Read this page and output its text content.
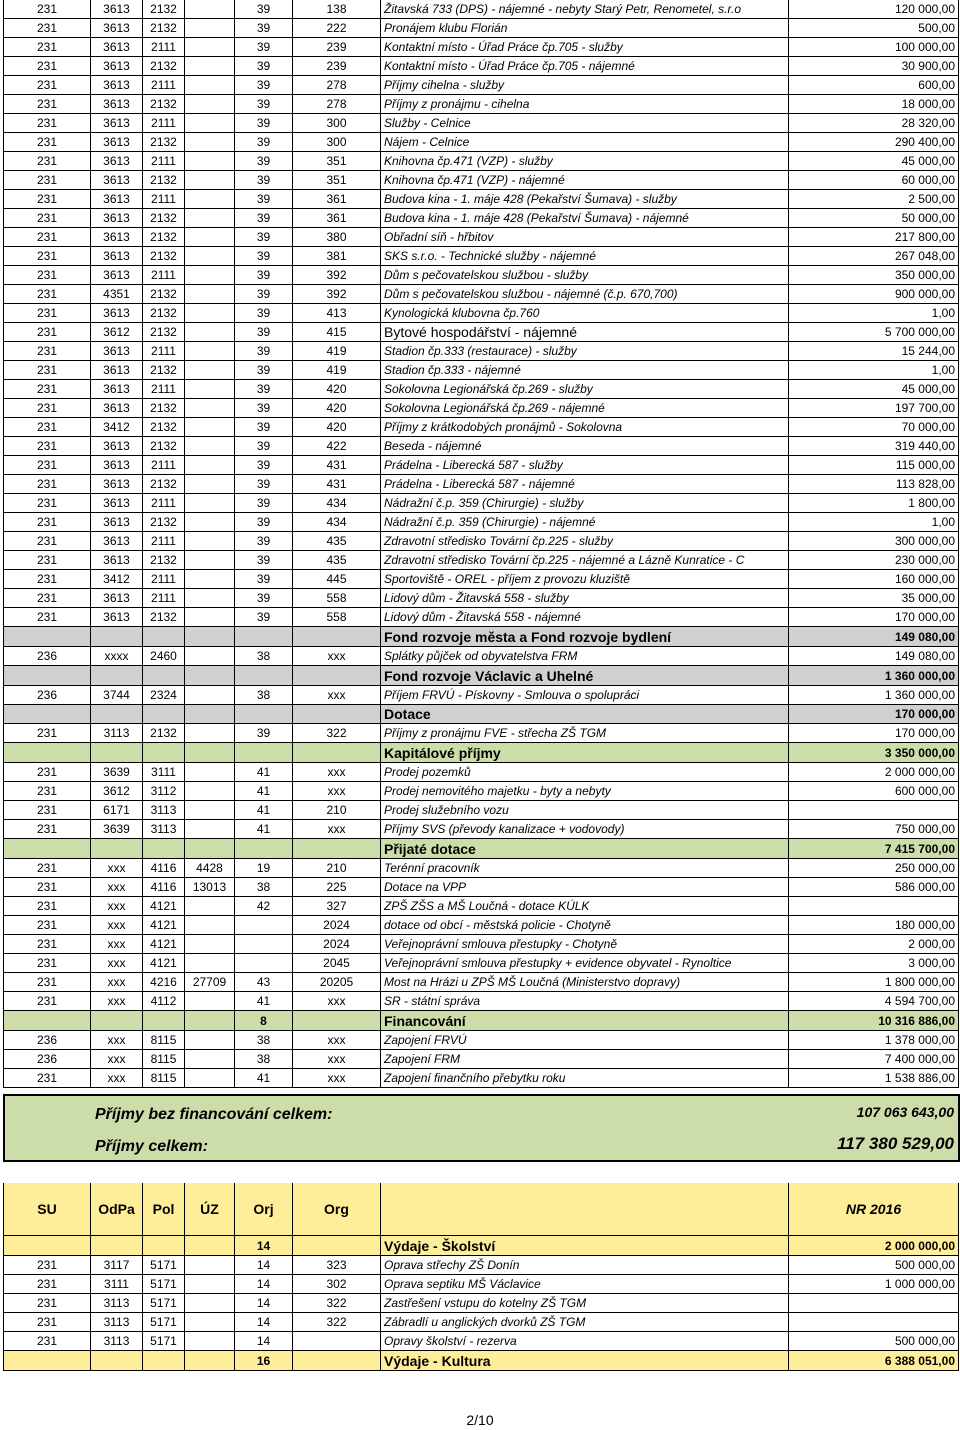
231	3613	2132		39	138	Žitavská 733 (DPS) - nájemné - nebyty Starý Petr, Renometel, s.r.o	120 000,00
231	3613	2132		39	222	Pronájem klubu Florián	500,00
231	3613	2111		39	239	Kontaktní místo - Úřad Práce čp.705 - služby	100 000,00
231	3613	2132		39	239	Kontaktní místo - Úřad Práce čp.705 - nájemné	30 900,00
231	3613	2111		39	278	Příjmy cihelna - služby	600,00
231	3613	2132		39	278	Příjmy z pronájmu - cihelna	18 000,00
231	3613	2111		39	300	Služby - Celnice	28 320,00
231	3613	2132		39	300	Nájem - Celnice	290 400,00
231	3613	2111		39	351	Knihovna čp.471 (VZP) - služby	45 000,00
231	3613	2132		39	351	Knihovna čp.471 (VZP) - nájemné	60 000,00
231	3613	2111		39	361	Budova kina - 1. máje 428 (Pekařství Šumava) - služby	2 500,00
231	3613	2132		39	361	Budova kina - 1. máje 428 (Pekařství Šumava) - nájemné	50 000,00
231	3613	2132		39	380	Obřadní síň - hřbitov	217 800,00
231	3613	2132		39	381	SKS s.r.o. - Technické služby - nájemné	267 048,00
231	3613	2111		39	392	Dům s pečovatelskou službou - služby	350 000,00
231	4351	2132		39	392	Dům s pečovatelskou službou - nájemné (č.p. 670,700)	900 000,00
231	3613	2132		39	413	Kynologická klubovna čp.760	1,00
231	3612	2132		39	415	Bytové hospodářství - nájemné	5 700 000,00
231	3613	2111		39	419	Stadion čp.333 (restaurace) - služby	15 244,00
231	3613	2132		39	419	Stadion čp.333 - nájemné	1,00
231	3613	2111		39	420	Sokolovna Legionářská čp.269 - služby	45 000,00
231	3613	2132		39	420	Sokolovna Legionářská čp.269 - nájemné	197 700,00
231	3412	2132		39	420	Příjmy z krátkodobých pronájmů - Sokolovna	70 000,00
231	3613	2132		39	422	Beseda - nájemné	319 440,00
231	3613	2111		39	431	Prádelna - Liberecká 587 - služby	115 000,00
231	3613	2132		39	431	Prádelna - Liberecká 587 - nájemné	113 828,00
231	3613	2111		39	434	Nádražní č.p. 359 (Chirurgie) - služby	1 800,00
231	3613	2132		39	434	Nádražní č.p. 359 (Chirurgie) - nájemné	1,00
231	3613	2111		39	435	Zdravotní středisko Tovární čp.225 - služby	300 000,00
231	3613	2132		39	435	Zdravotní středisko Tovární čp.225 - nájemné a Lázně Kunratice - C	230 000,00
231	3412	2111		39	445	Sportoviště - OREL - příjem z provozu kluziště	160 000,00
231	3613	2111		39	558	Lidový dům - Žitavská 558 - služby	35 000,00
231	3613	2132		39	558	Lidový dům - Žitavská 558 - nájemné	170 000,00
						Fond rozvoje města a Fond rozvoje bydlení	149 080,00
236	xxxx	2460		38	xxx	Splátky půjček od obyvatelstva FRM	149 080,00
						Fond rozvoje Václavic a Uhelné	1 360 000,00
236	3744	2324		38	xxx	Příjem FRVÚ - Pískovny - Smlouva o spolupráci	1 360 000,00
						Dotace	170 000,00
231	3113	2132		39	322	Příjmy z pronájmu FVE - střecha ZŠ TGM	170 000,00
						Kapitálové příjmy	3 350 000,00
231	3639	3111		41	xxx	Prodej pozemků	2 000 000,00
231	3612	3112		41	xxx	Prodej nemovitého majetku - byty a nebyty	600 000,00
231	6171	3113		41	210	Prodej služebního vozu	
231	3639	3113		41	xxx	Příjmy SVS (převody kanalizace + vodovody)	750 000,00
						Přijaté dotace	7 415 700,00
231	xxx	4116	4428	19	210	Terénní pracovník	250 000,00
231	xxx	4116	13013	38	225	Dotace na VPP	586 000,00
231	xxx	4121		42	327	ZPŠ ZŠS a MŠ Loučná - dotace KÚLK	
231	xxx	4121			2024	dotace od obcí - městská policie - Chotyně	180 000,00
231	xxx	4121			2024	Veřejnoprávní smlouva přestupky - Chotyně	2 000,00
231	xxx	4121			2045	Veřejnoprávní smlouva přestupky + evidence obyvatel - Rynoltice	3 000,00
231	xxx	4216	27709	43	20205	Most na Hrázi u ZPŠ MŠ Loučná (Ministerstvo dopravy)	1 800 000,00
231	xxx	4112		41	xxx	SR - státní správa	4 594 700,00
				8		Financování	10 316 886,00
236	xxx	8115		38	xxx	Zapojení FRVÚ	1 378 000,00
236	xxx	8115		38	xxx	Zapojení FRM	7 400 000,00
231	xxx	8115		41	xxx	Zapojení finančního přebytku roku	1 538 886,00
Příjmy bez financování celkem:	107 063 643,00
Příjmy celkem:	117 380 529,00
SU	OdPa	Pol	ÚZ	Orj	Org		NR 2016
				14		Výdaje - Školství	2 000 000,00
231	3117	5171		14	323	Oprava střechy ZŠ Donín	500 000,00
231	3111	5171		14	302	Oprava septiku MŠ Václavice	1 000 000,00
231	3113	5171		14	322	Zastřešení vstupu do kotelny ZŠ TGM	
231	3113	5171		14	322	Zábradlí u anglických dvorků ZŠ TGM	
231	3113	5171		14		Opravy školství - rezerva	500 000,00
				16		Výdaje - Kultura	6 388 051,00
2/10
